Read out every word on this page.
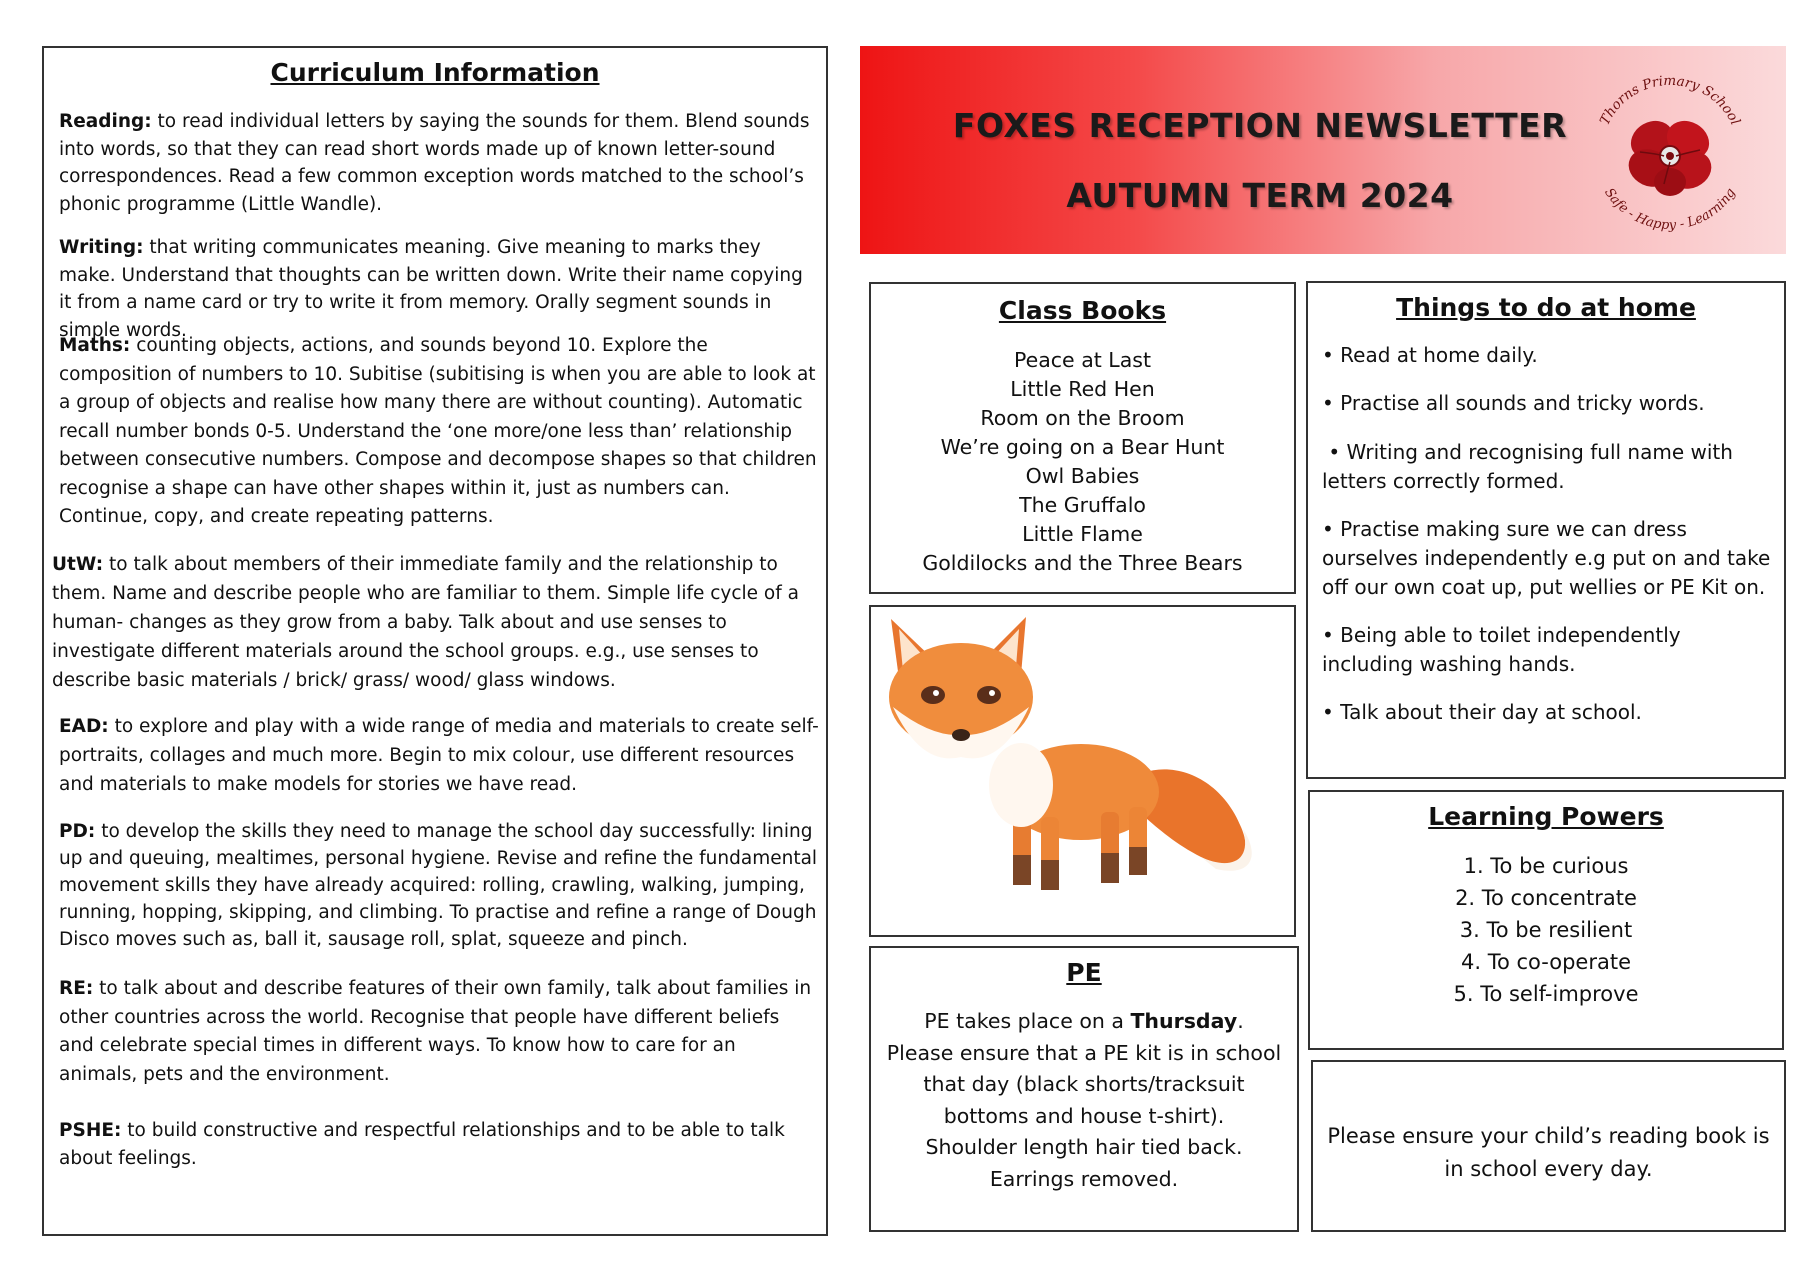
Curriculum Information

Reading: to read individual letters by saying the sounds for them. Blend sounds into words, so that they can read short words made up of known letter-sound correspondences. Read a few common exception words matched to the school’s phonic programme (Little Wandle).

Writing: that writing communicates meaning. Give meaning to marks they make. Understand that thoughts can be written down. Write their name copying it from a name card or try to write it from memory. Orally segment sounds in simple words.

Maths: counting objects, actions, and sounds beyond 10. Explore the composition of numbers to 10. Subitise (subitising is when you are able to look at a group of objects and realise how many there are without counting). Automatic recall number bonds 0-5. Understand the ‘one more/one less than’ relationship between consecutive numbers. Compose and decompose shapes so that children recognise a shape can have other shapes within it, just as numbers can. Continue, copy, and create repeating patterns.

UtW: to talk about members of their immediate family and the relationship to them. Name and describe people who are familiar to them. Simple life cycle of a human- changes as they grow from a baby. Talk about and use senses to investigate different materials around the school groups. e.g., use senses to describe basic materials / brick/ grass/ wood/ glass windows.

EAD: to explore and play with a wide range of media and materials to create self-portraits, collages and much more. Begin to mix colour, use different resources and materials to make models for stories we have read.

PD: to develop the skills they need to manage the school day successfully: lining up and queuing, mealtimes, personal hygiene. Revise and refine the fundamental movement skills they have already acquired: rolling, crawling, walking, jumping, running, hopping, skipping, and climbing. To practise and refine a range of Dough Disco moves such as, ball it, sausage roll, splat, squeeze and pinch.

RE: to talk about and describe features of their own family, talk about families in other countries across the world. Recognise that people have different beliefs and celebrate special times in different ways. To know how to care for an animals, pets and the environment.

PSHE: to build constructive and respectful relationships and to be able to talk about feelings.

FOXES RECEPTION NEWSLETTER
AUTUMN TERM 2024
Thorns Primary School
Safe - Happy - Learning

Class Books

Peace at Last
Little Red Hen
Room on the Broom
We’re going on a Bear Hunt
Owl Babies
The Gruffalo
Little Flame
Goldilocks and the Three Bears

PE

PE takes place on a Thursday.
Please ensure that a PE kit is in school that day (black shorts/tracksuit bottoms and house t-shirt).
Shoulder length hair tied back.
Earrings removed.

Things to do at home

• Read at home daily.
• Practise all sounds and tricky words.
• Writing and recognising full name with letters correctly formed.
• Practise making sure we can dress ourselves independently e.g put on and take off our own coat up, put wellies or PE Kit on.
• Being able to toilet independently including washing hands.
• Talk about their day at school.

Learning Powers

1. To be curious
2. To concentrate
3. To be resilient
4. To co-operate
5. To self-improve
Please ensure your child’s reading book is in school every day.
